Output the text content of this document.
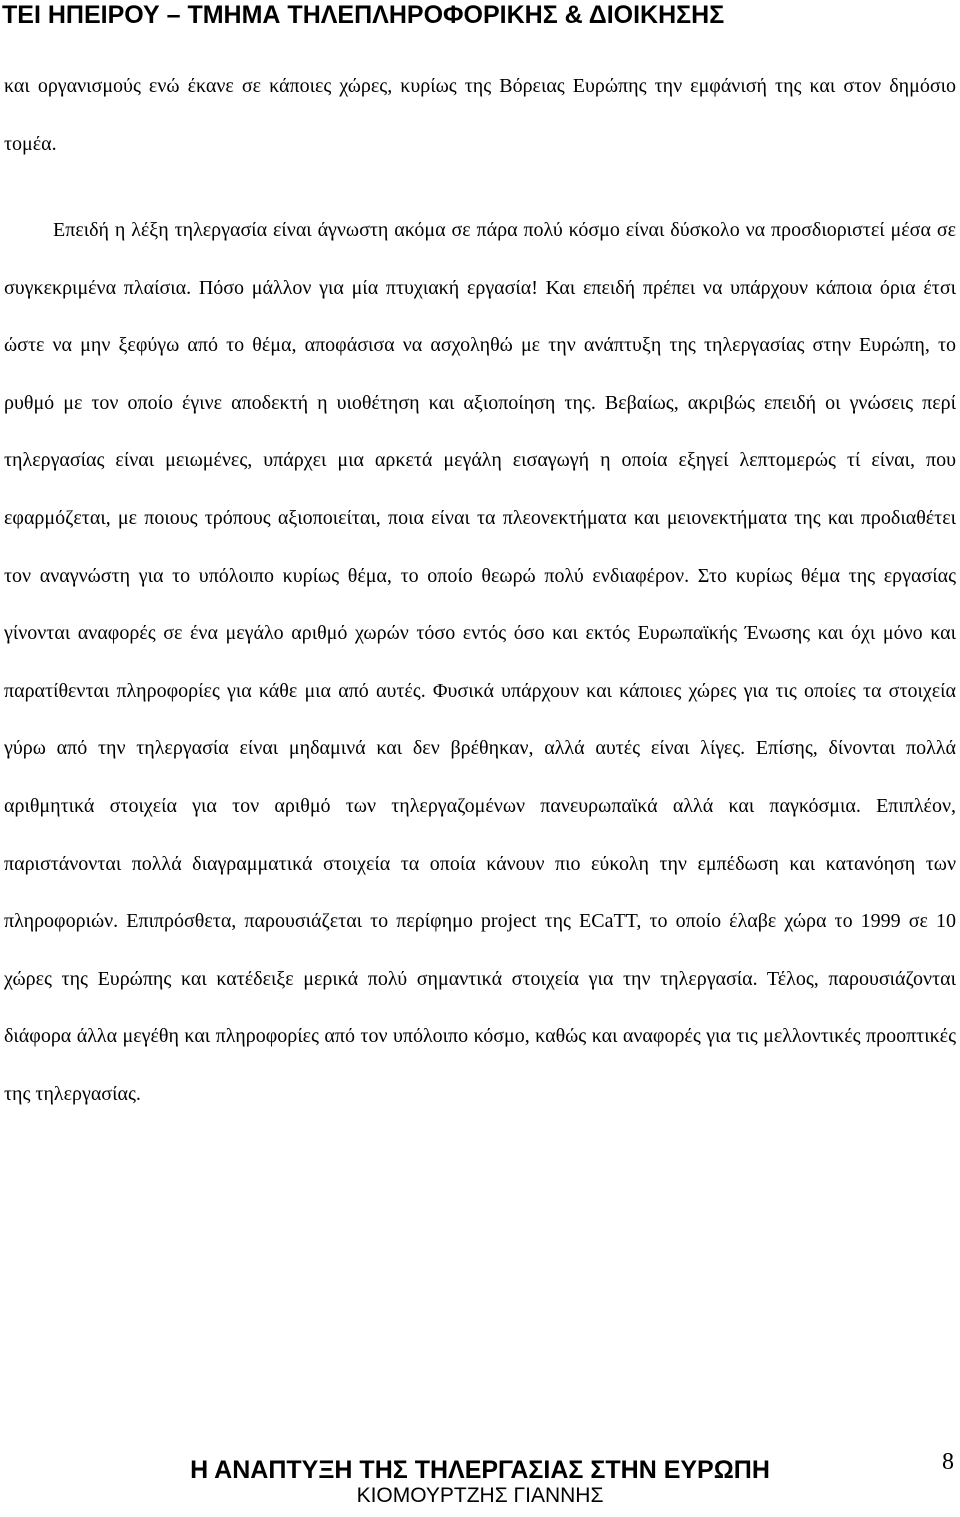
ΤΕΙ ΗΠΕΙΡΟΥ – ΤΜΗΜΑ ΤΗΛΕΠΛΗΡΟΦΟΡΙΚΗΣ & ΔΙΟΙΚΗΣΗΣ

και οργανισμούς ενώ έκανε σε κάποιες χώρες, κυρίως της Βόρειας Ευρώπης την εμφάνισή της και στον δημόσιο τομέα.

Επειδή η λέξη τηλεργασία είναι άγνωστη ακόμα σε πάρα πολύ κόσμο είναι δύσκολο να προσδιοριστεί μέσα σε συγκεκριμένα πλαίσια. Πόσο μάλλον για μία πτυχιακή εργασία! Και επειδή πρέπει να υπάρχουν κάποια όρια έτσι ώστε να μην ξεφύγω από το θέμα, αποφάσισα να ασχοληθώ με την ανάπτυξη της τηλεργασίας στην Ευρώπη, το ρυθμό με τον οποίο έγινε αποδεκτή η υιοθέτηση και αξιοποίηση της. Βεβαίως, ακριβώς επειδή οι γνώσεις περί τηλεργασίας είναι μειωμένες, υπάρχει μια αρκετά μεγάλη εισαγωγή η οποία εξηγεί λεπτομερώς τί είναι, που εφαρμόζεται, με ποιους τρόπους αξιοποιείται, ποια είναι τα πλεονεκτήματα και μειονεκτήματα της και προδιαθέτει τον αναγνώστη για το υπόλοιπο κυρίως θέμα, το οποίο θεωρώ πολύ ενδιαφέρον. Στο κυρίως θέμα της εργασίας γίνονται αναφορές σε ένα μεγάλο αριθμό χωρών τόσο εντός όσο και εκτός Ευρωπαϊκής Ένωσης και όχι μόνο και παρατίθενται πληροφορίες για κάθε μια από αυτές. Φυσικά υπάρχουν και κάποιες χώρες για τις οποίες τα στοιχεία γύρω από την τηλεργασία είναι μηδαμινά και δεν βρέθηκαν, αλλά αυτές είναι λίγες. Επίσης, δίνονται πολλά αριθμητικά στοιχεία για τον αριθμό των τηλεργαζομένων πανευρωπαϊκά αλλά και παγκόσμια. Επιπλέον, παριστάνονται πολλά διαγραμματικά στοιχεία τα οποία κάνουν πιο εύκολη την εμπέδωση και κατανόηση των πληροφοριών. Επιπρόσθετα, παρουσιάζεται το περίφημο project της ECaTT, το οποίο έλαβε χώρα το 1999 σε 10 χώρες της Ευρώπης και κατέδειξε μερικά πολύ σημαντικά στοιχεία για την τηλεργασία. Τέλος, παρουσιάζονται διάφορα άλλα μεγέθη και πληροφορίες από τον υπόλοιπο κόσμο, καθώς και αναφορές για τις μελλοντικές προοπτικές της τηλεργασίας.

Η ΑΝΑΠΤΥΞΗ ΤΗΣ ΤΗΛΕΡΓΑΣΙΑΣ ΣΤΗΝ ΕΥΡΩΠΗ
ΚΙΟΜΟΥΡΤΖΗΣ ΓΙΑΝΝΗΣ
8
